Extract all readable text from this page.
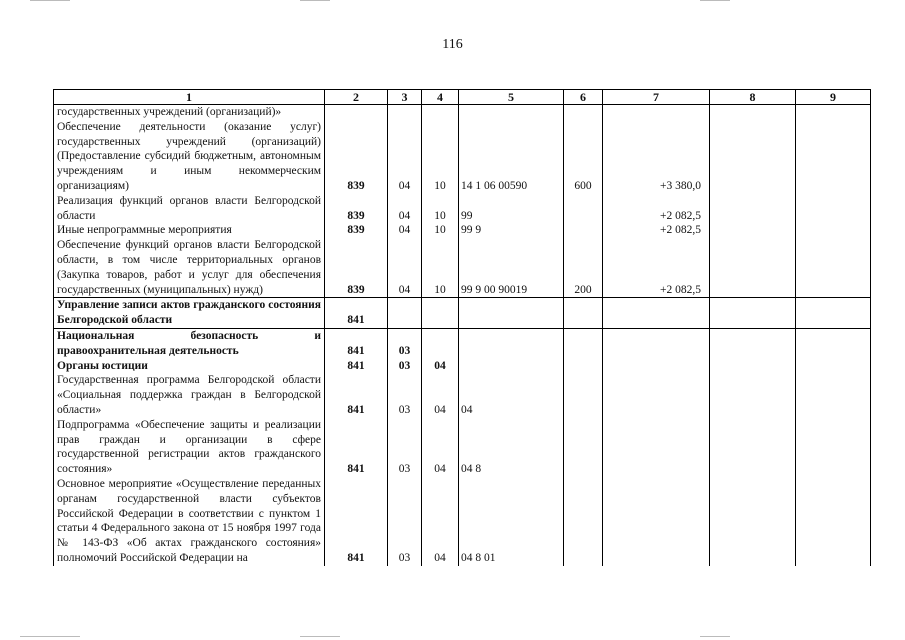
116
1	2	3	4	5	6	7	8	9
государственных учреждений (организаций)»								
Обеспечение деятельности (оказание услуг) государственных учреждений (организаций) (Предоставление субсидий бюджетным, автономным учреждениям и иным некоммерческим организациям)	839	04	10	14 1 06 00590	600	+3 380,0		
Реализация функций органов власти Белгородской области	839	04	10	99		+2 082,5		
Иные непрограммные мероприятия	839	04	10	99 9		+2 082,5		
Обеспечение функций органов власти Белгородской области, в том числе территориальных органов (Закупка товаров, работ и услуг для обеспечения государственных (муниципальных) нужд)	839	04	10	99 9 00 90019	200	+2 082,5		
Управление записи актов гражданского состояния Белгородской области	841							
Национальная безопасность и правоохранительная деятельность	841	03						
Органы юстиции	841	03	04					
Государственная программа Белгородской области «Социальная поддержка граждан в Белгородской области»	841	03	04	04				
Подпрограмма «Обеспечение защиты и реализации прав граждан и организации в сфере государственной регистрации актов гражданского состояния»	841	03	04	04 8				
Основное мероприятие «Осуществление переданных органам государственной власти субъектов Российской Федерации в соответствии с пунктом 1 статьи 4 Федерального закона от 15 ноября 1997 года № 143-ФЗ «Об актах гражданского состояния» полномочий Российской Федерации на	841	03	04	04 8 01				
